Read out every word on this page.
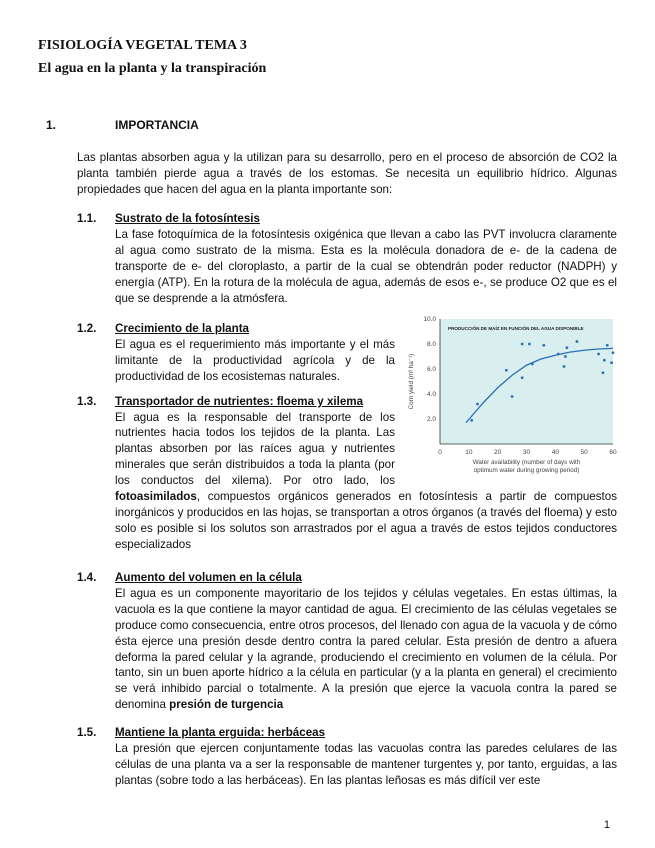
FISIOLOGÍA VEGETAL TEMA 3
El agua en la planta y la transpiración
1.	IMPORTANCIA
Las plantas absorben agua y la utilizan para su desarrollo, pero en el proceso de absorción de CO2 la planta también pierde agua a través de los estomas. Se necesita un equilibrio hídrico. Algunas propiedades que hacen del agua en la planta importante son:
1.1. Sustrato de la fotosíntesis
La fase fotoquímica de la fotosíntesis oxigénica que llevan a cabo las PVT involucra claramente al agua como sustrato de la misma. Esta es la molécula donadora de e- de la cadena de transporte de e- del cloroplasto, a partir de la cual se obtendrán poder reductor (NADPH) y energía (ATP). En la rotura de la molécula de agua, además de esos e-, se produce O2 que es el que se desprende a la atmósfera.
PRODUCCIÓN DE MAÍZ EN FUNCIÓN DEL AGUA DISPONIBLE
0	10	20	30	40	50	60
2.0
4.0
6.0
8.0
10.0
Water availability (number of days with
optimum water during growing period)
Corn yield (m³ ha⁻¹)
1.2. Crecimiento de la planta
El agua es el requerimiento más importante y el más limitante de la productividad agrícola y de la productividad de los ecosistemas naturales.
1.3. Transportador de nutrientes: floema y xilema
El agua es la responsable del transporte de los nutrientes hacia todos los tejidos de la planta. Las plantas absorben por las raíces agua y nutrientes minerales que serán distribuidos a toda la planta (por los conductos del xilema). Por otro lado, los fotoasimilados, compuestos orgánicos generados en fotosíntesis a partir de compuestos inorgánicos y producidos en las hojas, se transportan a otros órganos (a través del floema) y esto solo es posible si los solutos son arrastrados por el agua a través de estos tejidos conductores especializados
1.4. Aumento del volumen en la célula
El agua es un componente mayoritario de los tejidos y células vegetales. En estas últimas, la vacuola es la que contiene la mayor cantidad de agua. El crecimiento de las células vegetales se produce como consecuencia, entre otros procesos, del llenado con agua de la vacuola y de cómo ésta ejerce una presión desde dentro contra la pared celular. Esta presión de dentro a afuera deforma la pared celular y la agrande, produciendo el crecimiento en volumen de la célula. Por tanto, sin un buen aporte hídrico a la célula en particular (y a la planta en general) el crecimiento se verá inhibido parcial o totalmente. A la presión que ejerce la vacuola contra la pared se denomina presión de turgencia
1.5. Mantiene la planta erguida: herbáceas
La presión que ejercen conjuntamente todas las vacuolas contra las paredes celulares de las células de una planta va a ser la responsable de mantener turgentes y, por tanto, erguidas, a las plantas (sobre todo a las herbáceas). En las plantas leñosas es más difícil ver este
1
